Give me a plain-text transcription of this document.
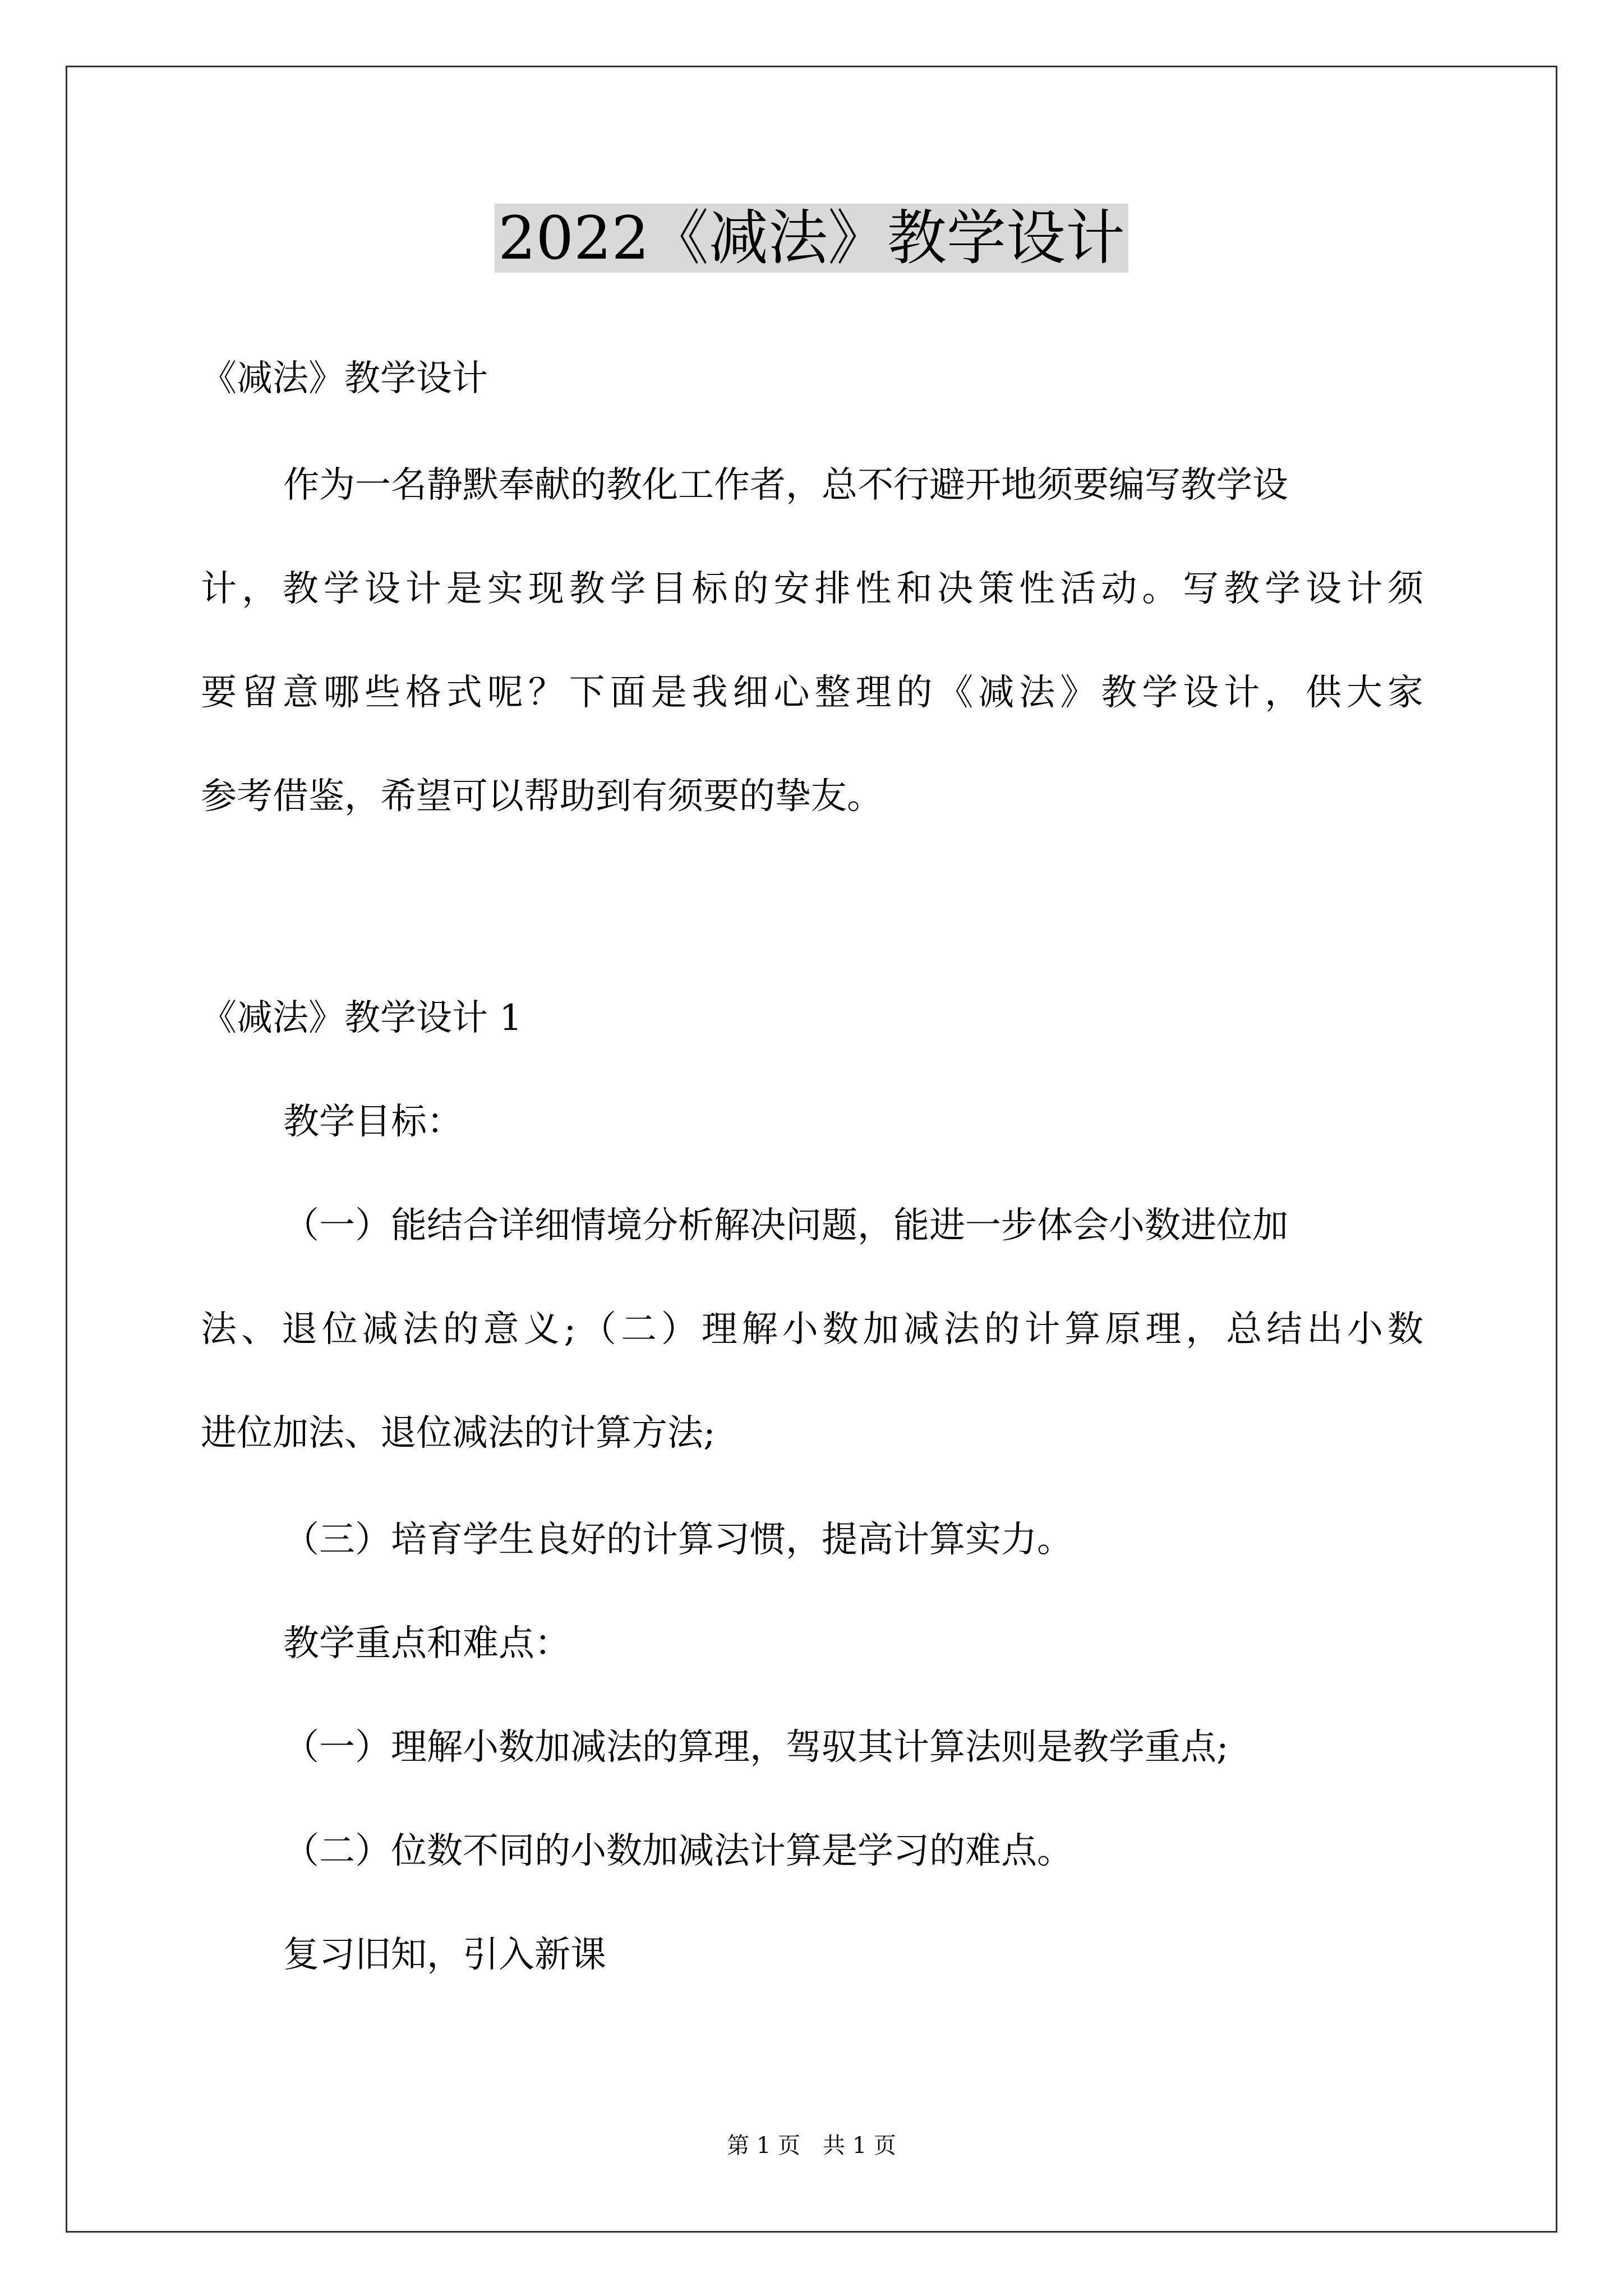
2022《减法》教学设计
《减法》教学设计
作为一名静默奉献的教化工作者，总不行避开地须要编写教学设
计，教学设计是实现教学目标的安排性和决策性活动。写教学设计须
要留意哪些格式呢？下面是我细心整理的《减法》教学设计，供大家
参考借鉴，希望可以帮助到有须要的挚友。
《减法》教学设计 1
教学目标：
（一）能结合详细情境分析解决问题，能进一步体会小数进位加
法、退位减法的意义;（二）理解小数加减法的计算原理，总结出小数
进位加法、退位减法的计算方法;
（三）培育学生良好的计算习惯，提高计算实力。
教学重点和难点：
（一）理解小数加减法的算理，驾驭其计算法则是教学重点;
（二）位数不同的小数加减法计算是学习的难点。
复习旧知，引入新课
第 1 页　共 1 页
